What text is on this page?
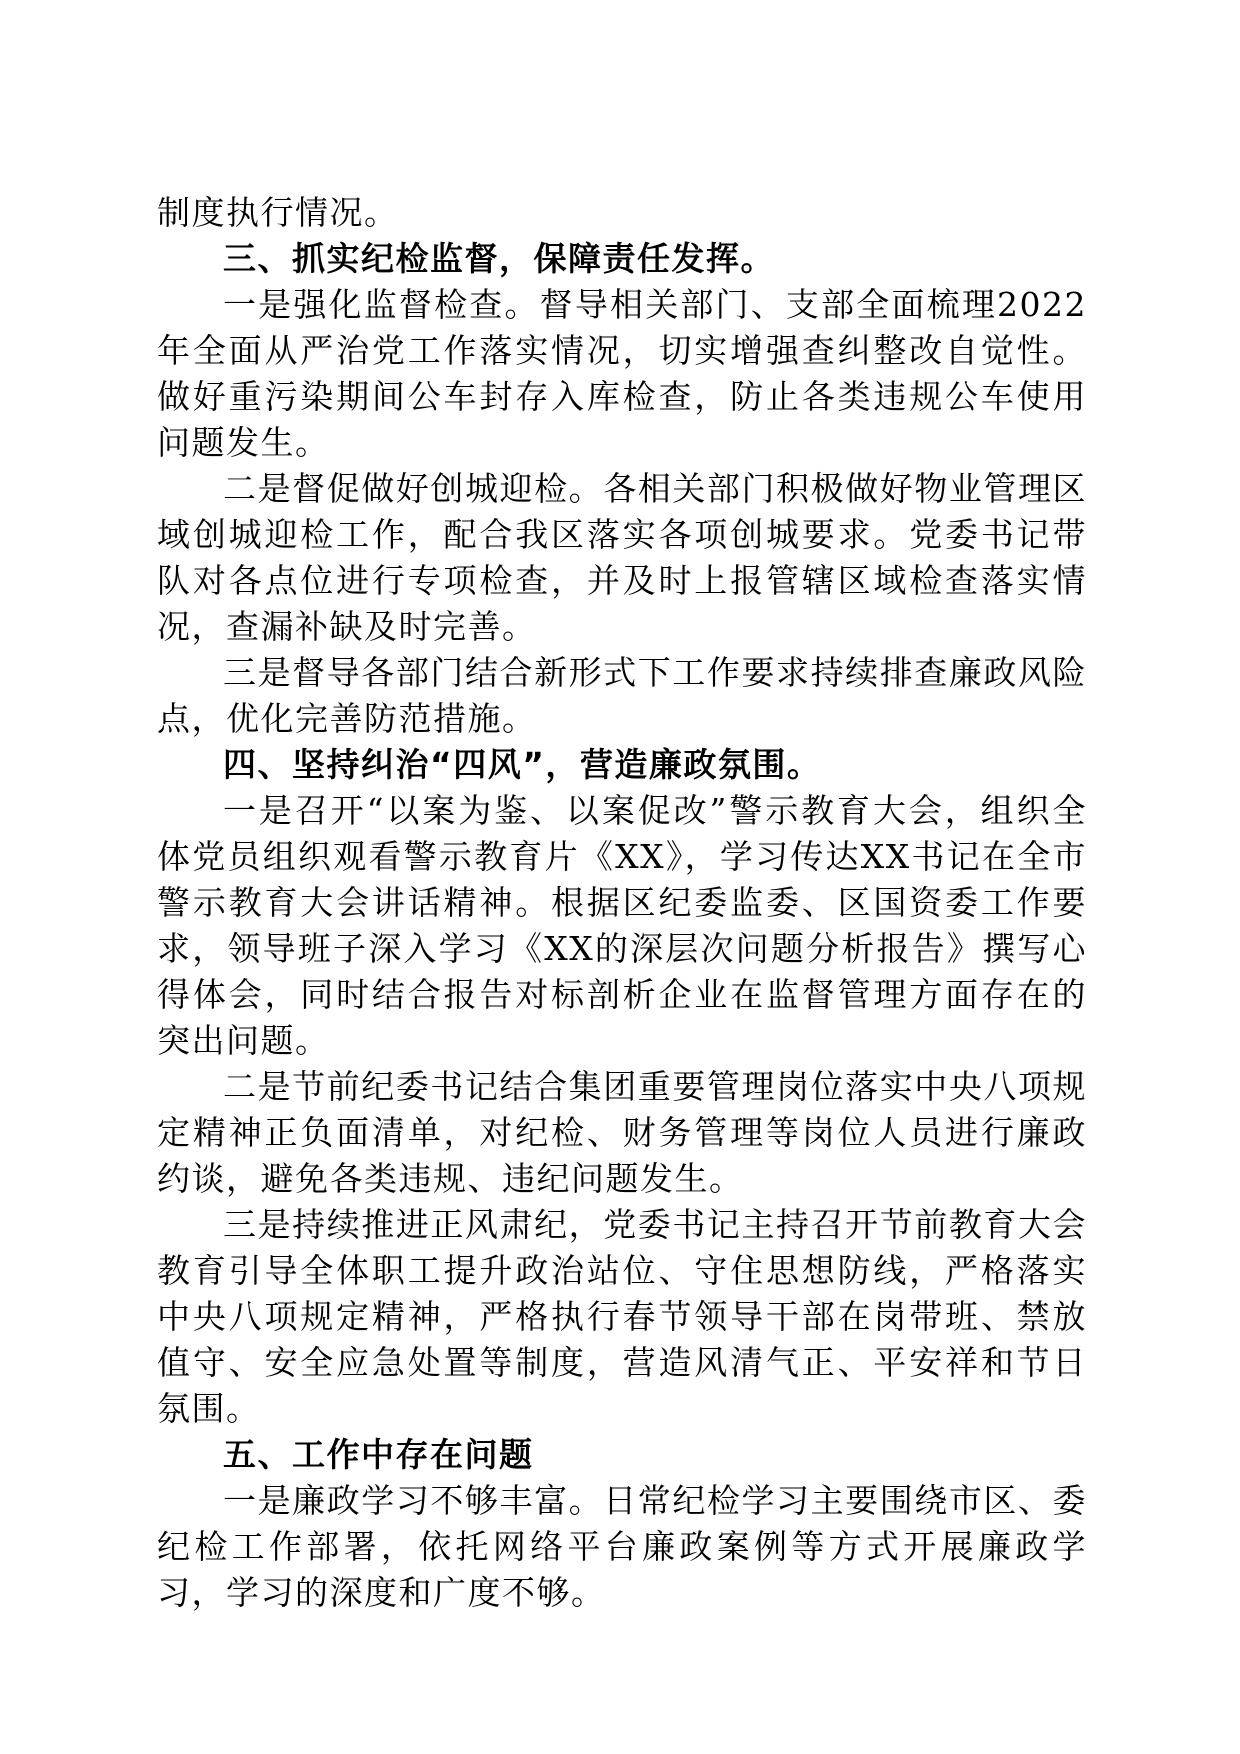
制度执行情况。

三、抓实纪检监督，保障责任发挥。

一是强化监督检查。督导相关部门、支部全面梳理2022年全面从严治党工作落实情况，切实增强查纠整改自觉性。做好重污染期间公车封存入库检查，防止各类违规公车使用问题发生。

二是督促做好创城迎检。各相关部门积极做好物业管理区域创城迎检工作，配合我区落实各项创城要求。党委书记带队对各点位进行专项检查，并及时上报管辖区域检查落实情况，查漏补缺及时完善。

三是督导各部门结合新形式下工作要求持续排查廉政风险点，优化完善防范措施。

四、坚持纠治“四风”，营造廉政氛围。

一是召开“以案为鉴、以案促改”警示教育大会，组织全体党员组织观看警示教育片《XX》，学习传达XX书记在全市警示教育大会讲话精神。根据区纪委监委、区国资委工作要求，领导班子深入学习《XX的深层次问题分析报告》撰写心得体会，同时结合报告对标剖析企业在监督管理方面存在的突出问题。

二是节前纪委书记结合集团重要管理岗位落实中央八项规定精神正负面清单，对纪检、财务管理等岗位人员进行廉政约谈，避免各类违规、违纪问题发生。

三是持续推进正风肃纪，党委书记主持召开节前教育大会教育引导全体职工提升政治站位、守住思想防线，严格落实中央八项规定精神，严格执行春节领导干部在岗带班、禁放值守、安全应急处置等制度，营造风清气正、平安祥和节日氛围。

五、工作中存在问题

一是廉政学习不够丰富。日常纪检学习主要围绕市区、委纪检工作部署，依托网络平台廉政案例等方式开展廉政学习，学习的深度和广度不够。
